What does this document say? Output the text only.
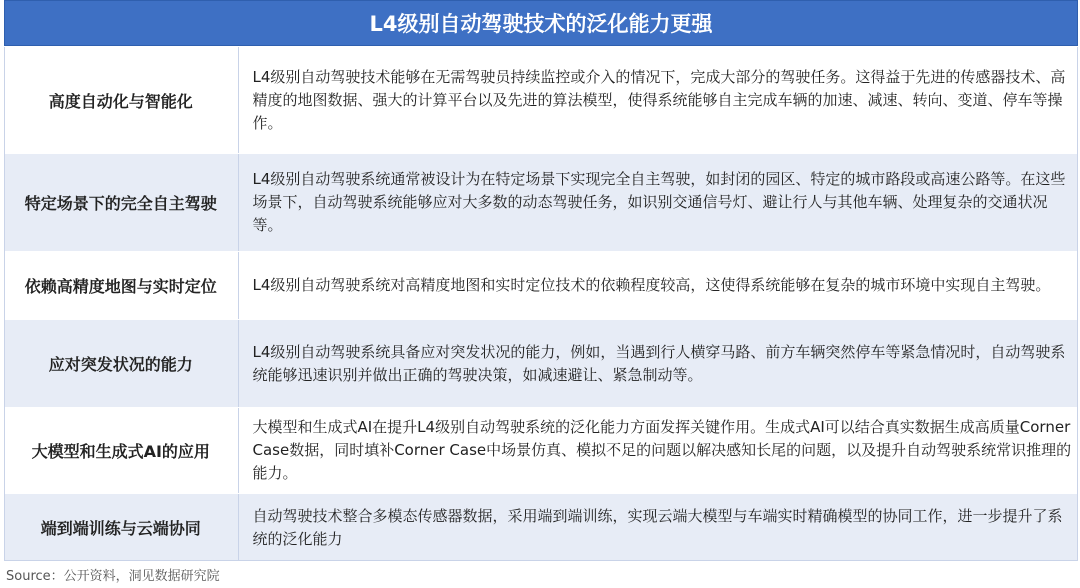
L4级别自动驾驶技术的泛化能力更强
高度自动化与智能化	L4级别自动驾驶技术能够在无需驾驶员持续监控或介入的情况下，完成大部分的驾驶任务。这得益于先进的传感器技术、高精度的地图数据、强大的计算平台以及先进的算法模型，使得系统能够自主完成车辆的加速、减速、转向、变道、停车等操作。
特定场景下的完全自主驾驶	L4级别自动驾驶系统通常被设计为在特定场景下实现完全自主驾驶，如封闭的园区、特定的城市路段或高速公路等。在这些场景下，自动驾驶系统能够应对大多数的动态驾驶任务，如识别交通信号灯、避让行人与其他车辆、处理复杂的交通状况等。
依赖高精度地图与实时定位	L4级别自动驾驶系统对高精度地图和实时定位技术的依赖程度较高，这使得系统能够在复杂的城市环境中实现自主驾驶。
应对突发状况的能力	L4级别自动驾驶系统具备应对突发状况的能力，例如，当遇到行人横穿马路、前方车辆突然停车等紧急情况时，自动驾驶系统能够迅速识别并做出正确的驾驶决策，如减速避让、紧急制动等。
大模型和生成式AI的应用	大模型和生成式AI在提升L4级别自动驾驶系统的泛化能力方面发挥关键作用。生成式AI可以结合真实数据生成高质量Corner Case数据，同时填补Corner Case中场景仿真、模拟不足的问题以解决感知长尾的问题，以及提升自动驾驶系统常识推理的能力。
端到端训练与云端协同	自动驾驶技术整合多模态传感器数据，采用端到端训练，实现云端大模型与车端实时精确模型的协同工作，进一步提升了系统的泛化能力
Source：公开资料，洞见数据研究院
